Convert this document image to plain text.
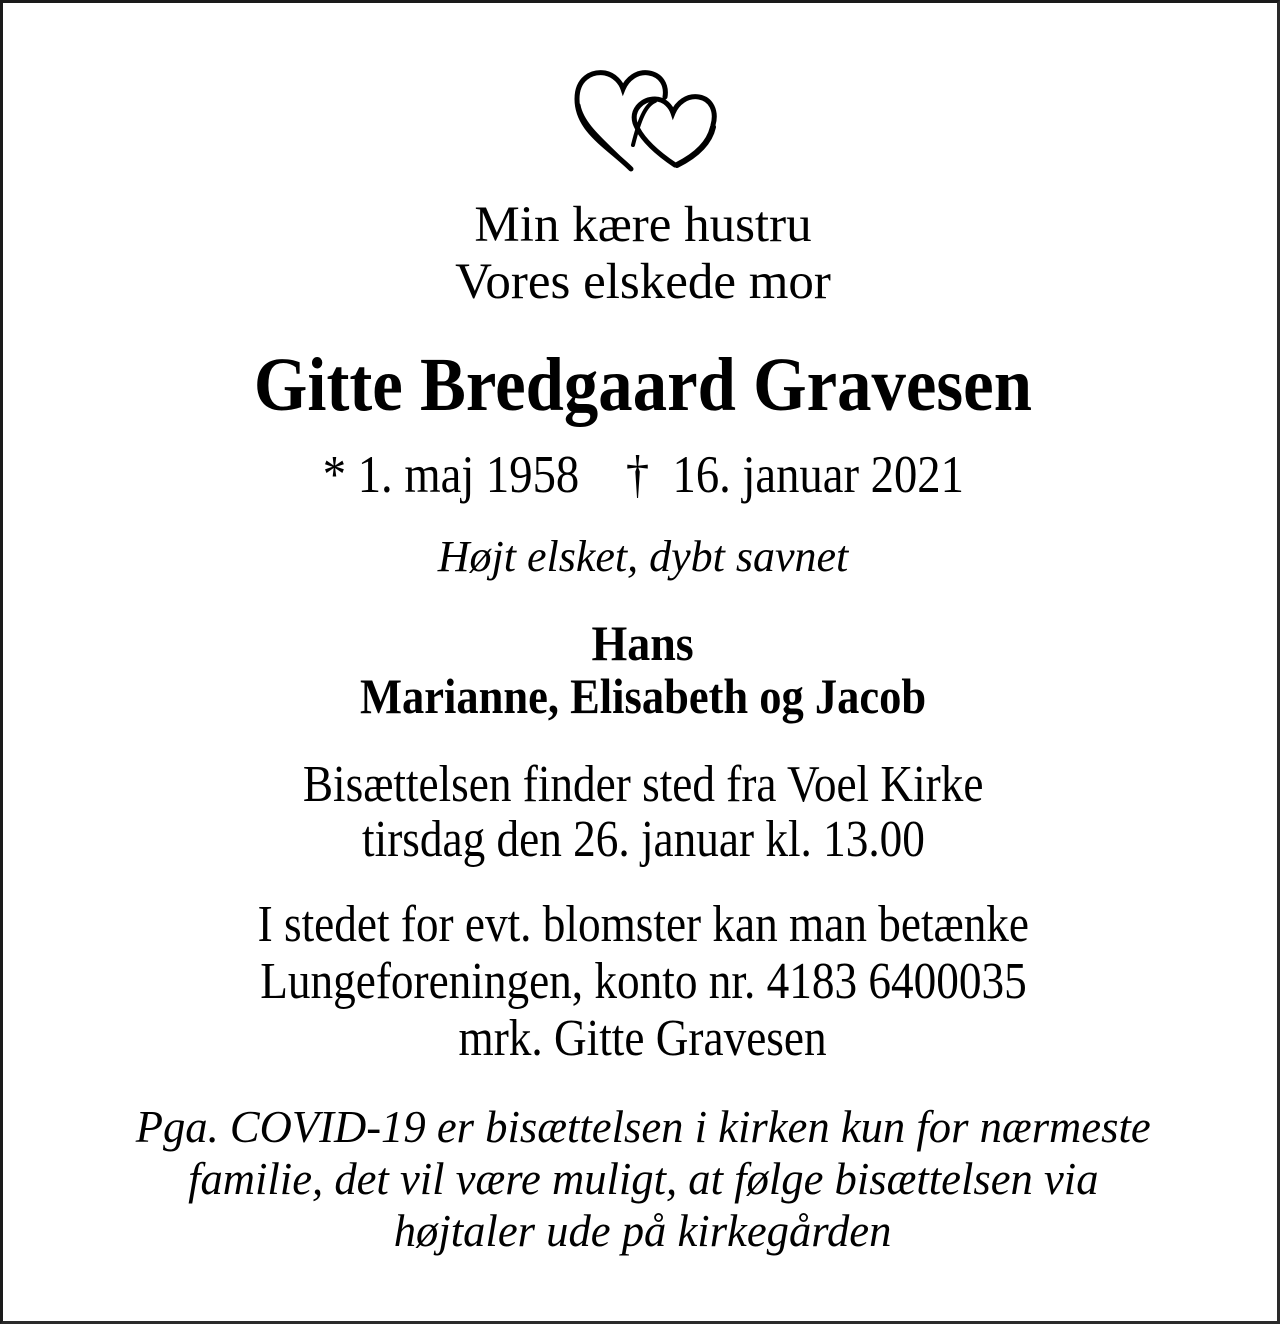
Min kære hustru
Vores elskede mor
Gitte Bredgaard Gravesen
* 1. maj 1958    †  16. januar 2021
Højt elsket, dybt savnet
Hans
Marianne, Elisabeth og Jacob
Bisættelsen finder sted fra Voel Kirke
tirsdag den 26. januar kl. 13.00
I stedet for evt. blomster kan man betænke
Lungeforeningen, konto nr. 4183 6400035
mrk. Gitte Gravesen
Pga. COVID-19 er bisættelsen i kirken kun for nærmeste
familie, det vil være muligt, at følge bisættelsen via
højtaler ude på kirkegården
